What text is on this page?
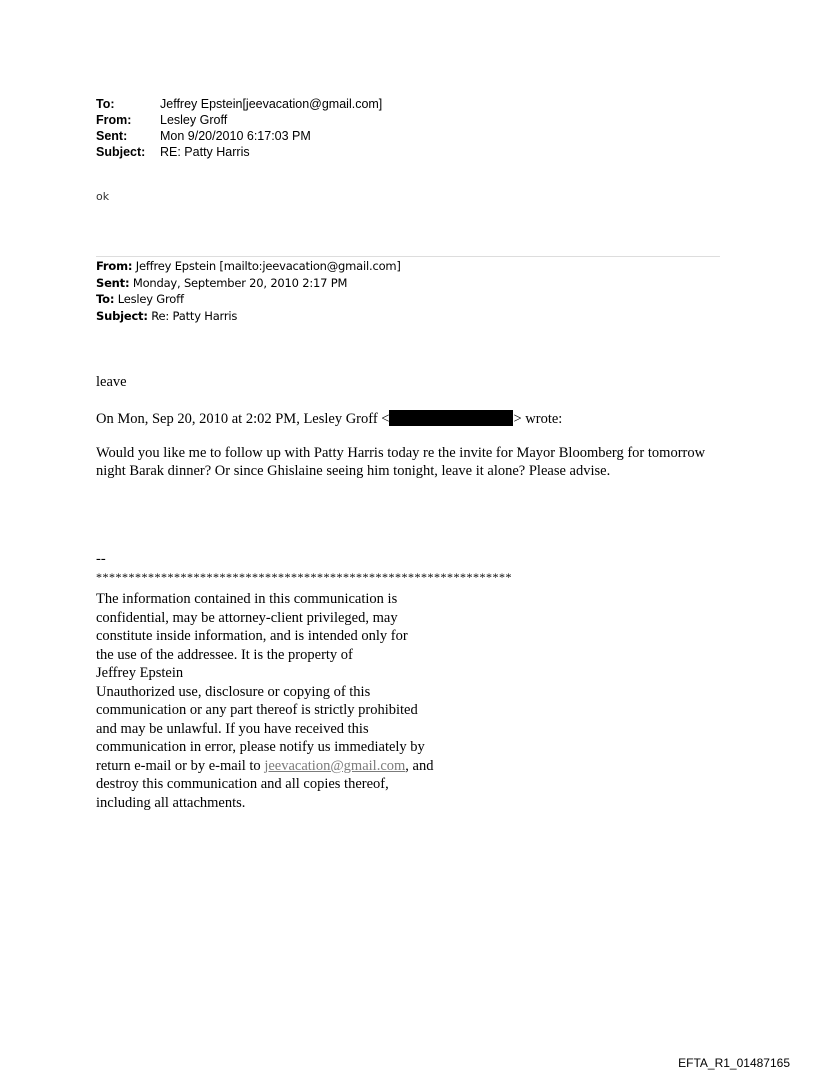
To:	Jeffrey Epstein[jeevacation@gmail.com]
From:	Lesley Groff
Sent:	Mon 9/20/2010 6:17:03 PM
Subject:	RE: Patty Harris
ok
From: Jeffrey Epstein [mailto:jeevacation@gmail.com]
Sent: Monday, September 20, 2010 2:17 PM
To: Lesley Groff
Subject: Re: Patty Harris
leave
On Mon, Sep 20, 2010 at 2:02 PM, Lesley Groff <	> wrote:
Would you like me to follow up with Patty Harris today re the invite for Mayor Bloomberg for tomorrow night Barak dinner? Or since Ghislaine seeing him tonight, leave it alone? Please advise.
--
****************************************************************
The information contained in this communication is
confidential, may be attorney-client privileged, may
constitute inside information, and is intended only for
the use of the addressee. It is the property of
Jeffrey Epstein
Unauthorized use, disclosure or copying of this
communication or any part thereof is strictly prohibited
and may be unlawful. If you have received this
communication in error, please notify us immediately by
return e-mail or by e-mail to jeevacation@gmail.com, and
destroy this communication and all copies thereof,
including all attachments.
EFTA_R1_01487165
